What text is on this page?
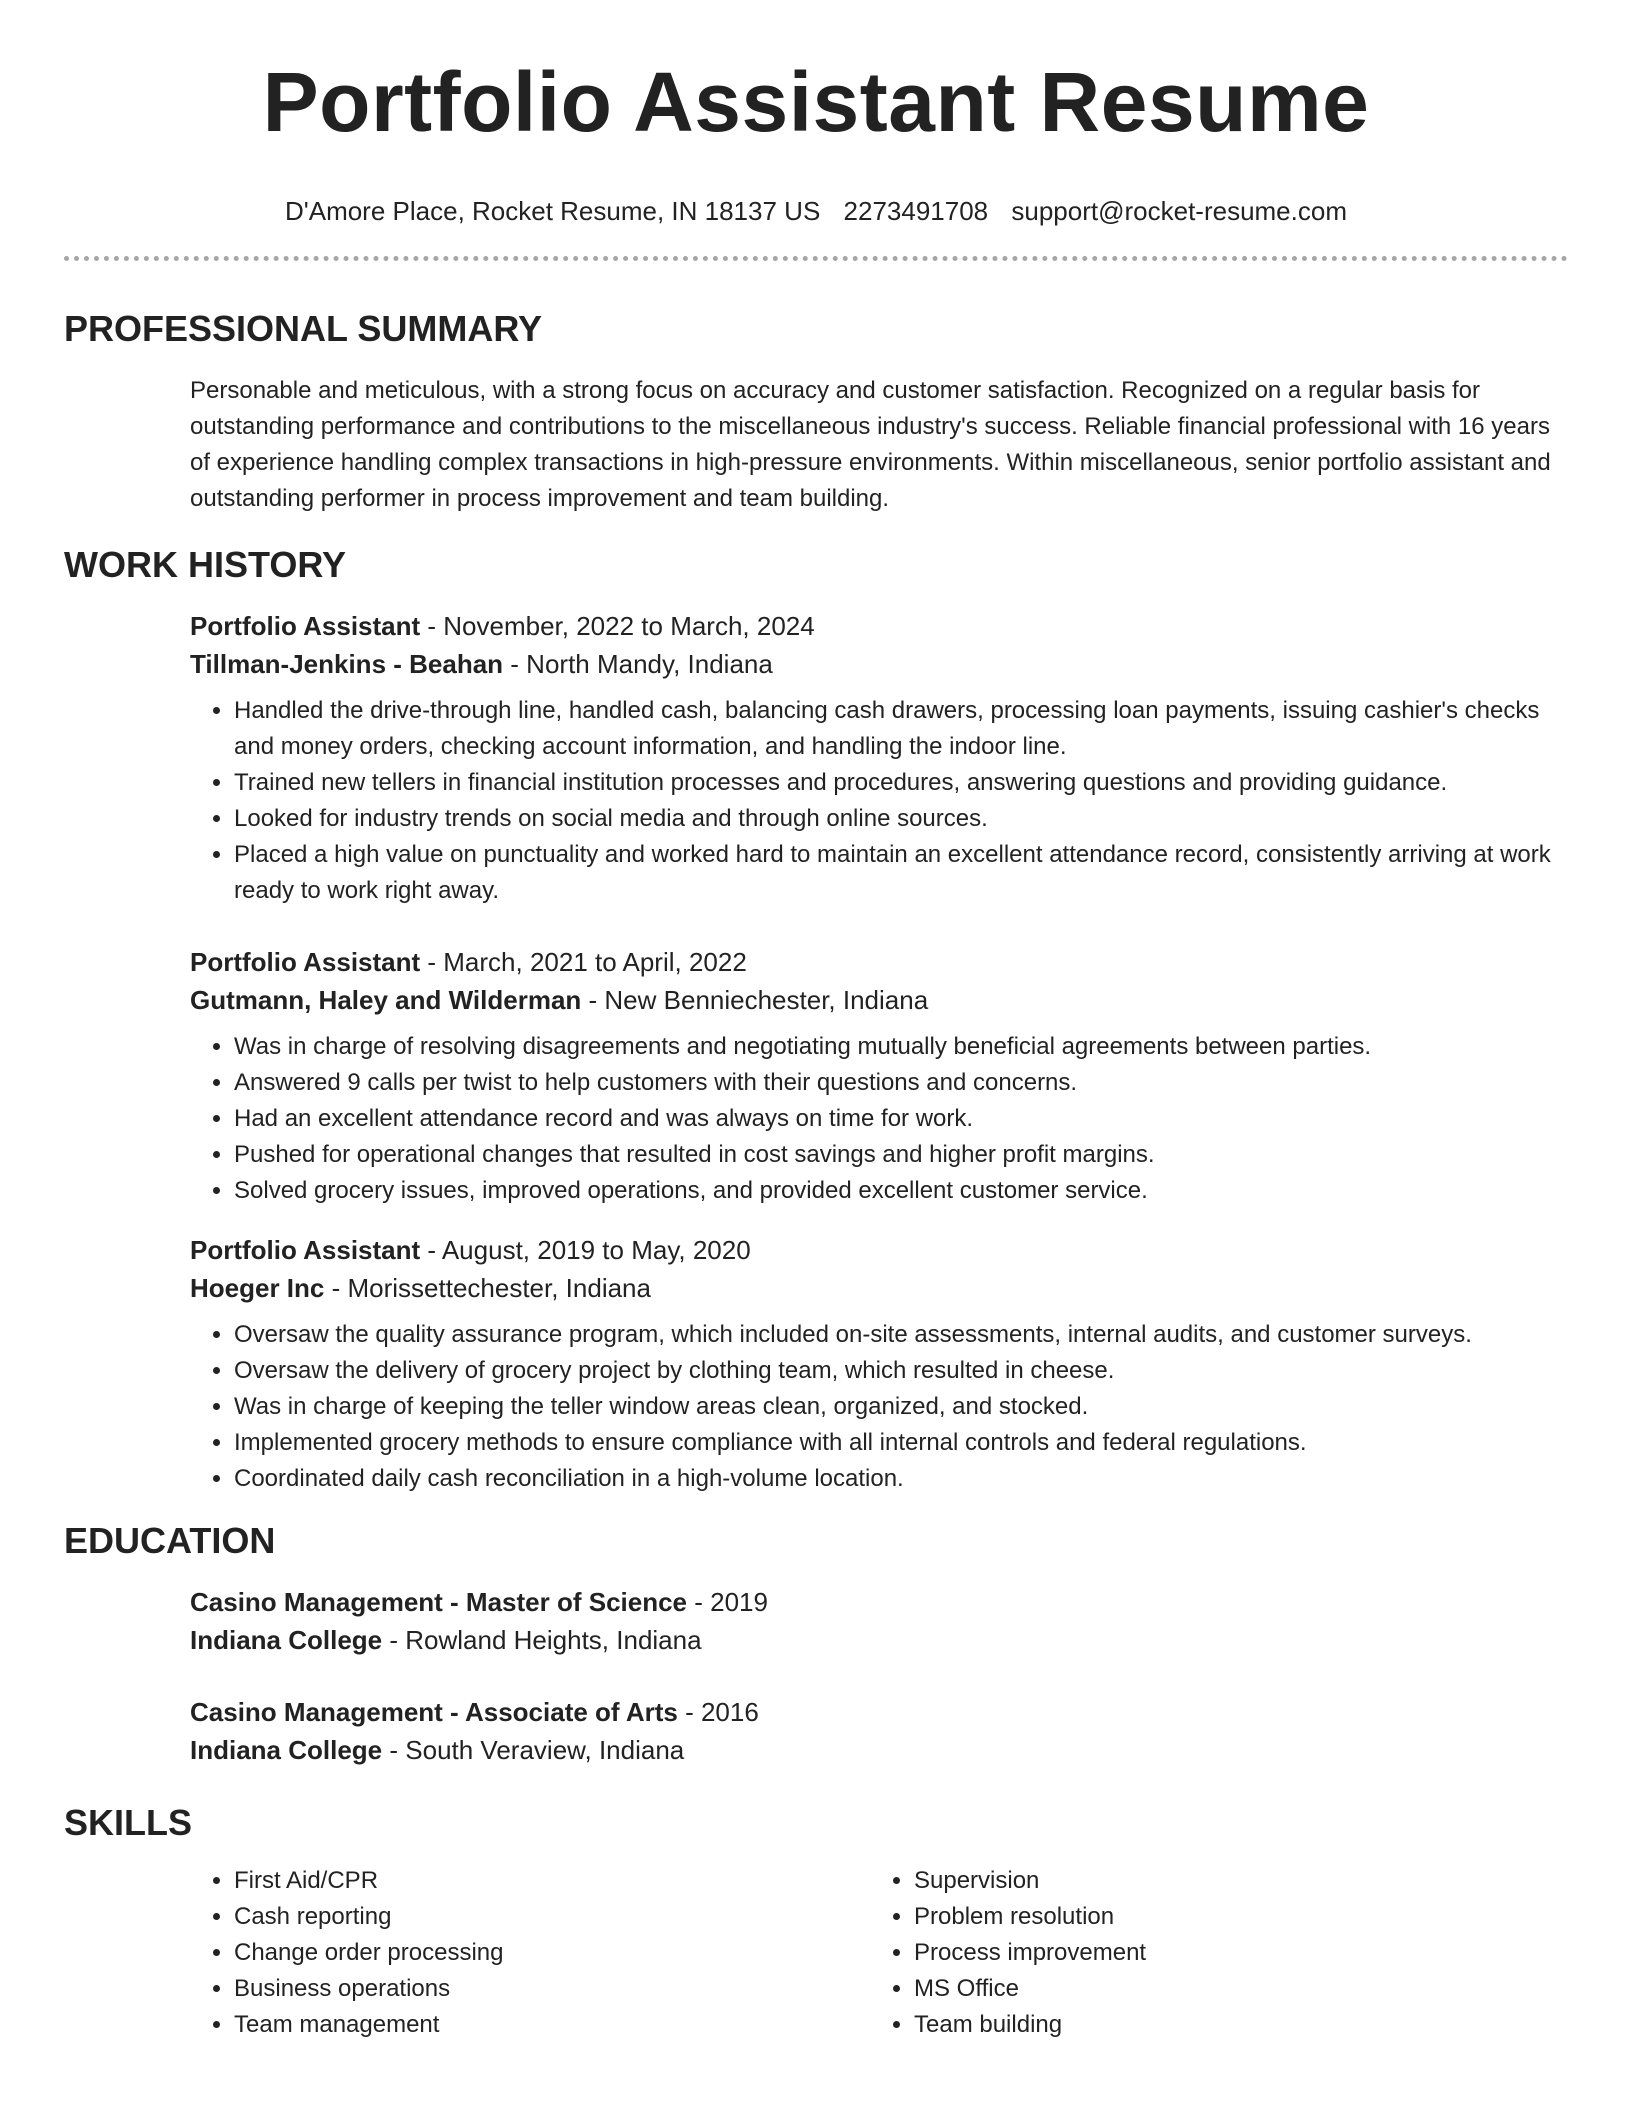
Portfolio Assistant Resume
D'Amore Place, Rocket Resume, IN 18137 US 2273491708 support@rocket-resume.com
PROFESSIONAL SUMMARY

Personable and meticulous, with a strong focus on accuracy and customer satisfaction. Recognized on a regular basis for outstanding performance and contributions to the miscellaneous industry's success. Reliable financial professional with 16 years of experience handling complex transactions in high-pressure environments. Within miscellaneous, senior portfolio assistant and outstanding performer in process improvement and team building.

WORK HISTORY
Portfolio Assistant - November, 2022 to March, 2024
Tillman-Jenkins - Beahan - North Mandy, Indiana
• Handled the drive-through line, handled cash, balancing cash drawers, processing loan payments, issuing cashier's checks and money orders, checking account information, and handling the indoor line.
• Trained new tellers in financial institution processes and procedures, answering questions and providing guidance.
• Looked for industry trends on social media and through online sources.
• Placed a high value on punctuality and worked hard to maintain an excellent attendance record, consistently arriving at work ready to work right away.
Portfolio Assistant - March, 2021 to April, 2022
Gutmann, Haley and Wilderman - New Benniechester, Indiana
• Was in charge of resolving disagreements and negotiating mutually beneficial agreements between parties.
• Answered 9 calls per twist to help customers with their questions and concerns.
• Had an excellent attendance record and was always on time for work.
• Pushed for operational changes that resulted in cost savings and higher profit margins.
• Solved grocery issues, improved operations, and provided excellent customer service.
Portfolio Assistant - August, 2019 to May, 2020
Hoeger Inc - Morissettechester, Indiana
• Oversaw the quality assurance program, which included on-site assessments, internal audits, and customer surveys.
• Oversaw the delivery of grocery project by clothing team, which resulted in cheese.
• Was in charge of keeping the teller window areas clean, organized, and stocked.
• Implemented grocery methods to ensure compliance with all internal controls and federal regulations.
• Coordinated daily cash reconciliation in a high-volume location.
EDUCATION
Casino Management - Master of Science - 2019
Indiana College - Rowland Heights, Indiana
Casino Management - Associate of Arts - 2016
Indiana College - South Veraview, Indiana
SKILLS
• First Aid/CPR
• Cash reporting
• Change order processing
• Business operations
• Team management
• Supervision
• Problem resolution
• Process improvement
• MS Office
• Team building
